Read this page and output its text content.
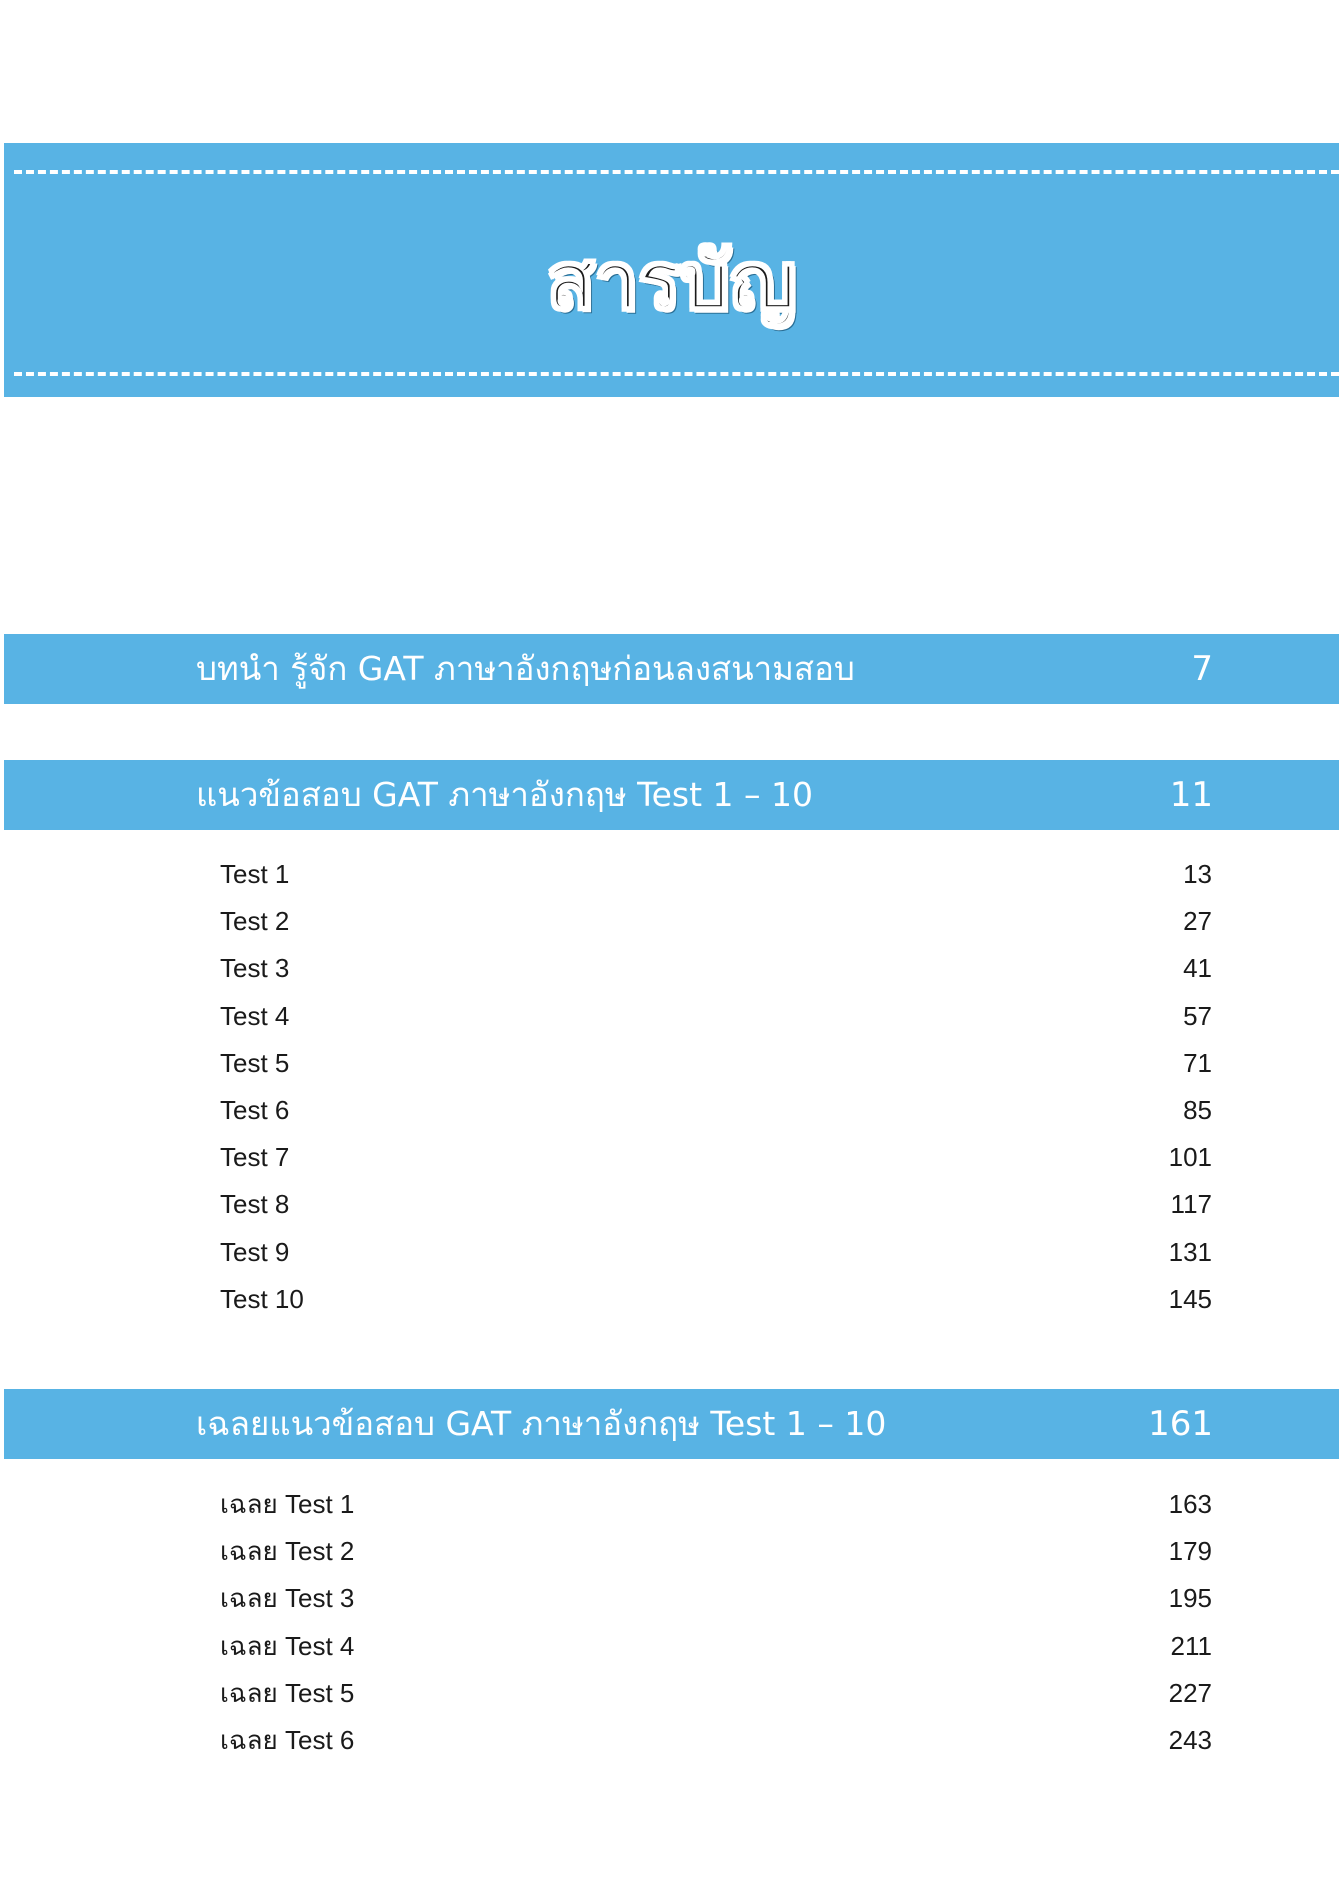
สารบัญ
บทนำ รู้จัก GAT ภาษาอังกฤษก่อนลงสนามสอบ	7
แนวข้อสอบ GAT ภาษาอังกฤษ Test 1 – 10	11
Test 1	13
Test 2	27
Test 3	41
Test 4	57
Test 5	71
Test 6	85
Test 7	101
Test 8	117
Test 9	131
Test 10	145
เฉลยแนวข้อสอบ GAT ภาษาอังกฤษ Test 1 – 10	161
เฉลย Test 1	163
เฉลย Test 2	179
เฉลย Test 3	195
เฉลย Test 4	211
เฉลย Test 5	227
เฉลย Test 6	243
